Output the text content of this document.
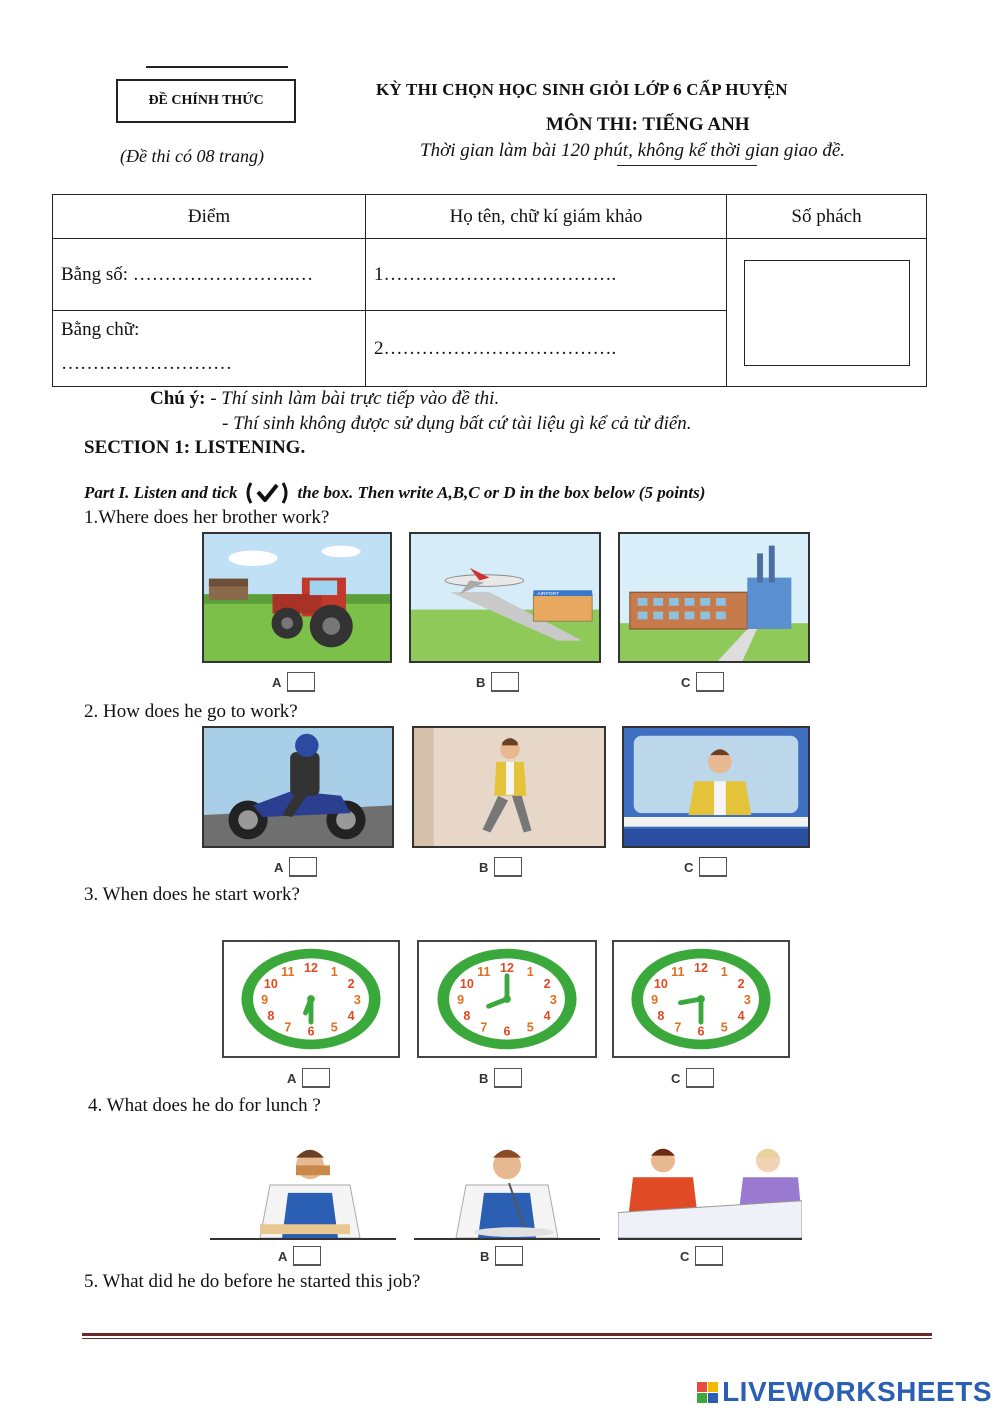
ĐỀ CHÍNH THỨC
(Đề thi có 08 trang)
KỲ THI CHỌN HỌC SINH GIỎI LỚP 6 CẤP HUYỆN
MÔN THI: TIẾNG ANH
Thời gian làm bài 120 phút, không kể thời gian giao đề.
Điểm	Họ tên, chữ kí giám khảo	Số phách
Bằng số: ……………………..…	1……………………………….	

Bằng chữ:
………………………	2……………………………….	
Chú ý: - Thí sinh làm bài trực tiếp vào đề thi.
- Thí sinh không được sử dụng bất cứ tài liệu gì kể cả từ điển.
SECTION 1: LISTENING.
Part I. Listen and tick	the box. Then write A,B,C or D in the box below (5 points)
1.Where does her brother work?
AIRPORT
A	B	C
2. How does he go to work?
A	B	C
3. When does he start work?
12 1
2
3
4
5
6
7
8
9
10
11	12 1
2
3
4
5
6
7
8
9
10
11	12 1
2
3
4
5
6
7
8
9
10
11
A	B	C
4. What does he do for lunch ?
A	B	C
5. What did he do before he started this job?
LIVEWORKSHEETS
